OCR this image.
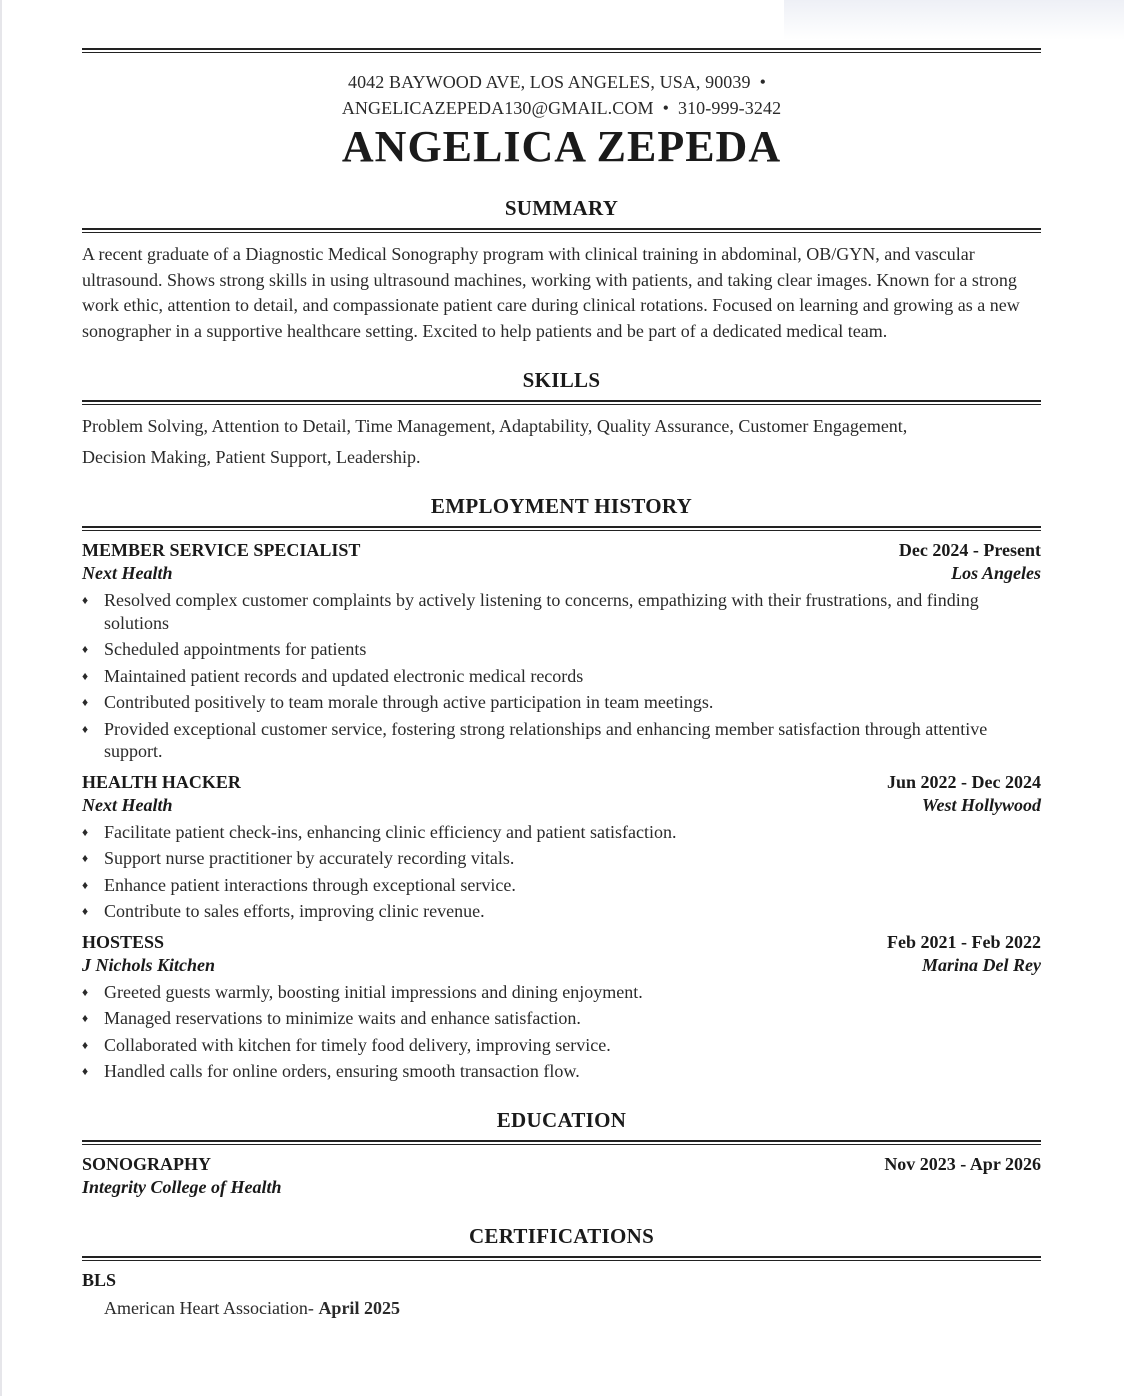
4042 BAYWOOD AVE, LOS ANGELES, USA, 90039 •
ANGELICAZEPEDA130@GMAIL.COM • 310-999-3242
ANGELICA ZEPEDA
SUMMARY
A recent graduate of a Diagnostic Medical Sonography program with clinical training in abdominal, OB/GYN, and vascular ultrasound. Shows strong skills in using ultrasound machines, working with patients, and taking clear images. Known for a strong work ethic, attention to detail, and compassionate patient care during clinical rotations. Focused on learning and growing as a new sonographer in a supportive healthcare setting. Excited to help patients and be part of a dedicated medical team.
SKILLS
Problem Solving, Attention to Detail, Time Management, Adaptability, Quality Assurance, Customer Engagement,
Decision Making, Patient Support, Leadership.
EMPLOYMENT HISTORY
MEMBER SERVICE SPECIALIST	Dec 2024 - Present
Next Health	Los Angeles
♦ Resolved complex customer complaints by actively listening to concerns, empathizing with their frustrations, and finding solutions
♦ Scheduled appointments for patients
♦ Maintained patient records and updated electronic medical records
♦ Contributed positively to team morale through active participation in team meetings.
♦ Provided exceptional customer service, fostering strong relationships and enhancing member satisfaction through attentive support.
HEALTH HACKER	Jun 2022 - Dec 2024
Next Health	West Hollywood
♦ Facilitate patient check-ins, enhancing clinic efficiency and patient satisfaction.
♦ Support nurse practitioner by accurately recording vitals.
♦ Enhance patient interactions through exceptional service.
♦ Contribute to sales efforts, improving clinic revenue.
HOSTESS	Feb 2021 - Feb 2022
J Nichols Kitchen	Marina Del Rey
♦ Greeted guests warmly, boosting initial impressions and dining enjoyment.
♦ Managed reservations to minimize waits and enhance satisfaction.
♦ Collaborated with kitchen for timely food delivery, improving service.
♦ Handled calls for online orders, ensuring smooth transaction flow.
EDUCATION
SONOGRAPHY	Nov 2023 - Apr 2026
Integrity College of Health
CERTIFICATIONS
BLS
American Heart Association- April 2025
